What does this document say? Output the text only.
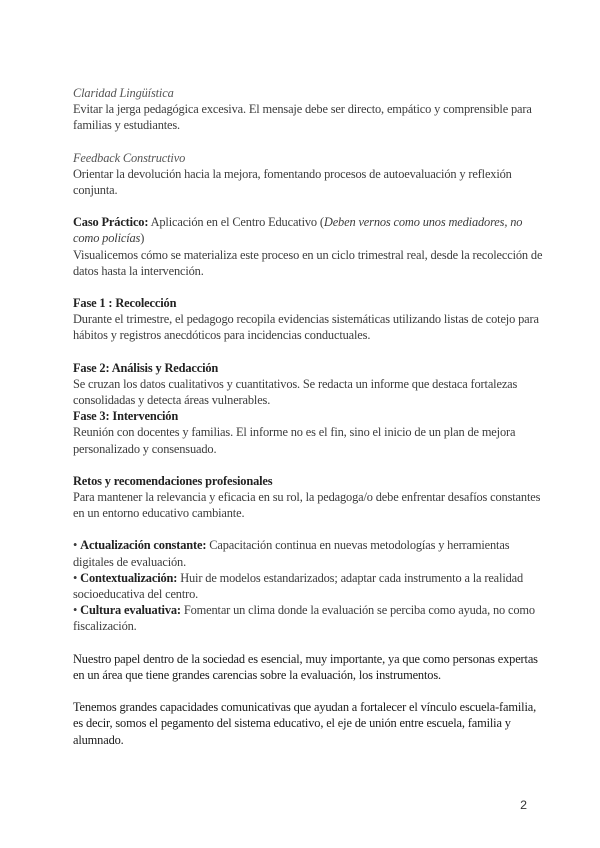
Claridad Lingüística

Evitar la jerga pedagógica excesiva. El mensaje debe ser directo, empático y comprensible para familias y estudiantes.

Feedback Constructivo

Orientar la devolución hacia la mejora, fomentando procesos de autoevaluación y reflexión conjunta.

Caso Práctico: Aplicación en el Centro Educativo (Deben vernos como unos mediadores, no como policías)

Visualicemos cómo se materializa este proceso en un ciclo trimestral real, desde la recolección de datos hasta la intervención.

Fase 1 : Recolección

Durante el trimestre, el pedagogo recopila evidencias sistemáticas utilizando listas de cotejo para hábitos y registros anecdóticos para incidencias conductuales.

Fase 2: Análisis y Redacción

Se cruzan los datos cualitativos y cuantitativos. Se redacta un informe que destaca fortalezas consolidadas y detecta áreas vulnerables.

Fase 3: Intervención

Reunión con docentes y familias. El informe no es el fin, sino el inicio de un plan de mejora personalizado y consensuado.

Retos y recomendaciones profesionales

Para mantener la relevancia y eficacia en su rol, la pedagoga/o debe enfrentar desafíos constantes en un entorno educativo cambiante.

• Actualización constante: Capacitación continua en nuevas metodologías y herramientas digitales de evaluación.

• Contextualización: Huir de modelos estandarizados; adaptar cada instrumento a la realidad socioeducativa del centro.

• Cultura evaluativa: Fomentar un clima donde la evaluación se perciba como ayuda, no como fiscalización.

Nuestro papel dentro de la sociedad es esencial, muy importante, ya que como personas expertas en un área que tiene grandes carencias sobre la evaluación, los instrumentos.

Tenemos grandes capacidades comunicativas que ayudan a fortalecer el vínculo escuela-familia, es decir, somos el pegamento del sistema educativo, el eje de unión entre escuela, familia y alumnado.

2
